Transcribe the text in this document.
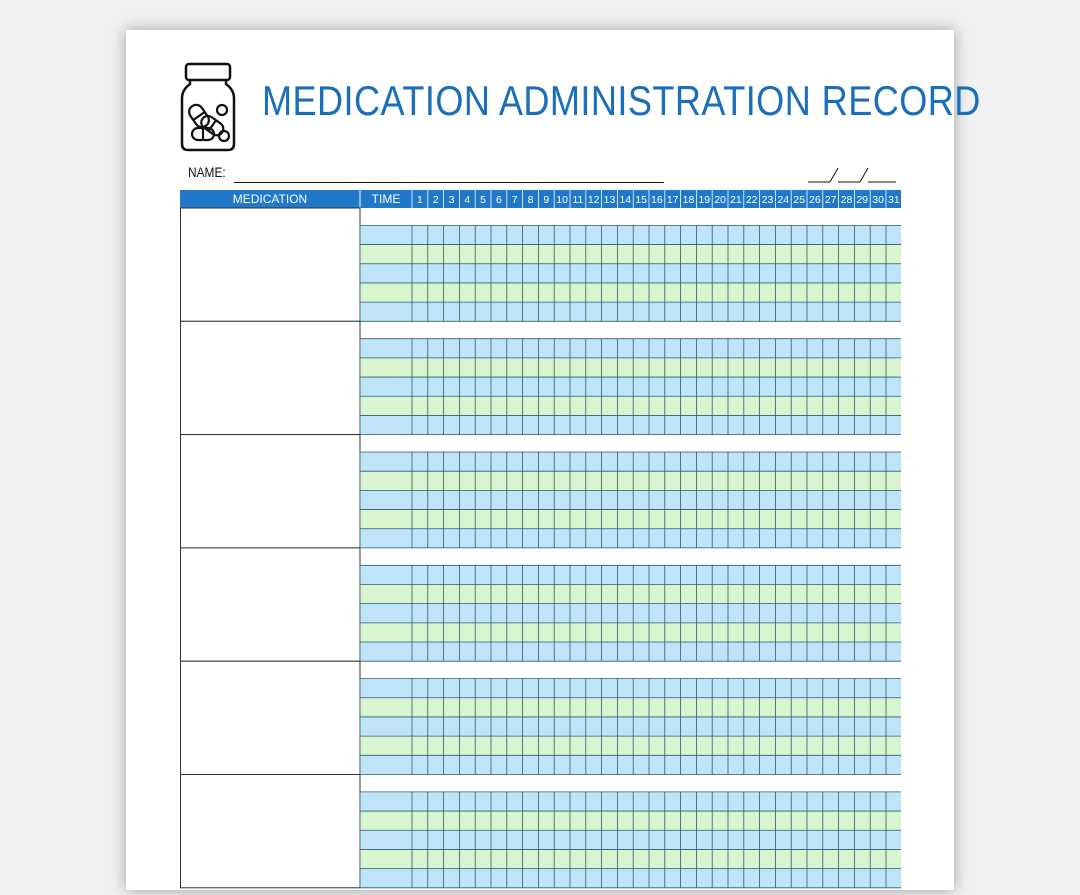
MEDICATION ADMINISTRATION RECORD
NAME:
MEDICATION	TIME 1 2 3 4 5 6 7 8 9 10 11 12 13 14 15 16 17 18 19 20 21 22 23 24 25 26 27 28 29 30 31
